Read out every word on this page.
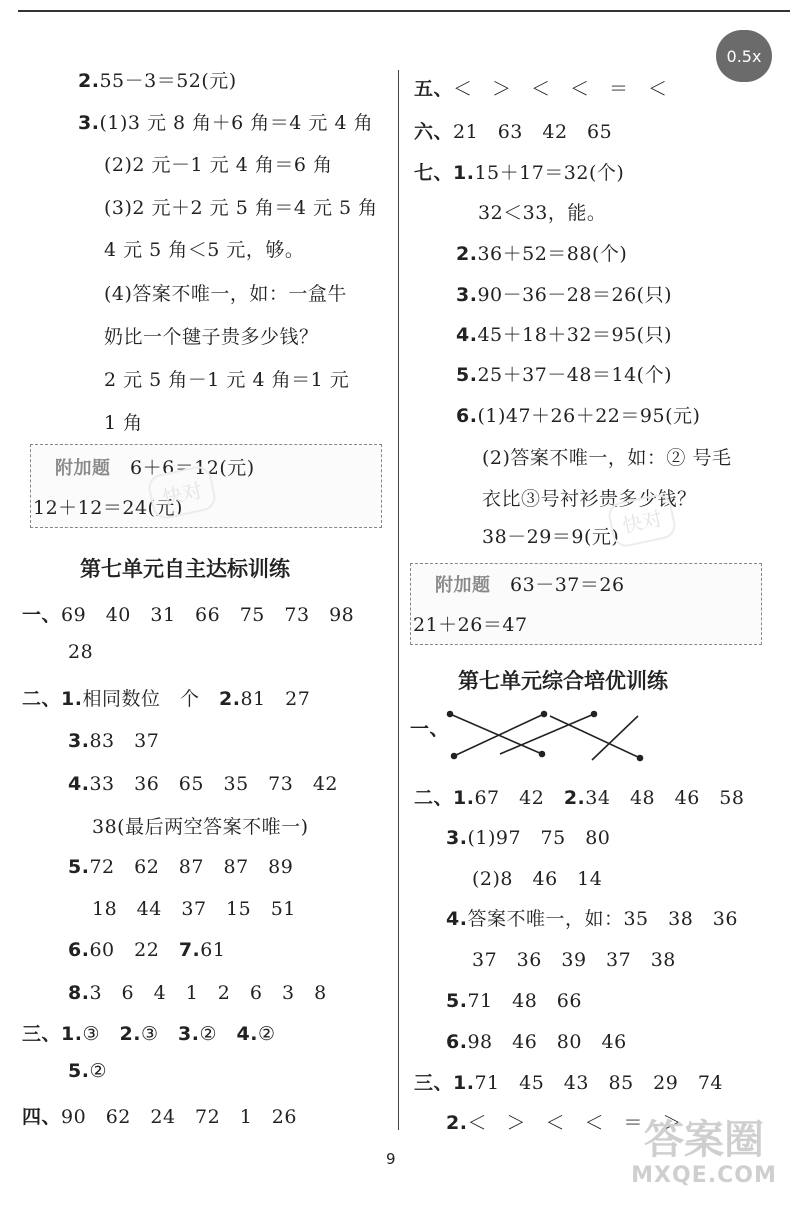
0.5x
2.55－3＝52(元)
3.(1)3 元 8 角＋6 角＝4 元 4 角
(2)2 元－1 元 4 角＝6 角
(3)2 元＋2 元 5 角＝4 元 5 角
4 元 5 角＜5 元，够。
(4)答案不唯一，如：一盒牛
奶比一个毽子贵多少钱？
2 元 5 角－1 元 4 角＝1 元
1 角
附加题　 6＋6＝12(元)
12＋12＝24(元)
第七单元自主达标训练
一、69　40　31　66　75　73　98
28
二、1.相同数位　个　 2.81　27
3.83　37
4.33　36　65　35　73　42
38(最后两空答案不唯一)
5.72　62　87　87　89
18　44　37　15　51
6.60　22　 7.61
8.3　6　4　1　2　6　3　8
三、1.③　 2.③　 3.②　 4.②
5.②
四、90　62　24　72　1　26
五、＜　＞　＜　＜　＝　＜
六、21　63　42　65
七、1.15＋17＝32(个)
32＜33，能。
2.36＋52＝88(个)
3.90－36－28＝26(只)
4.45＋18＋32＝95(只)
5.25＋37－48＝14(个)
6.(1)47＋26＋22＝95(元)
(2)答案不唯一，如：② 号毛
衣比③号衬衫贵多少钱？
38－29＝9(元)
附加题　 63－37＝26
21＋26＝47
第七单元综合培优训练
一、
二、1.67　42　 2.34　48　46　58
3.(1)97　75　80
(2)8　46　14
4.答案不唯一，如：35　38　36
37　36　39　37　38
5.71　48　66
6.98　46　80　46
三、1.71　45　43　85　29　74
2.＜　＞　＜　＜　＝　＞
快对
快对
9	答案圈
MXQE.COM
